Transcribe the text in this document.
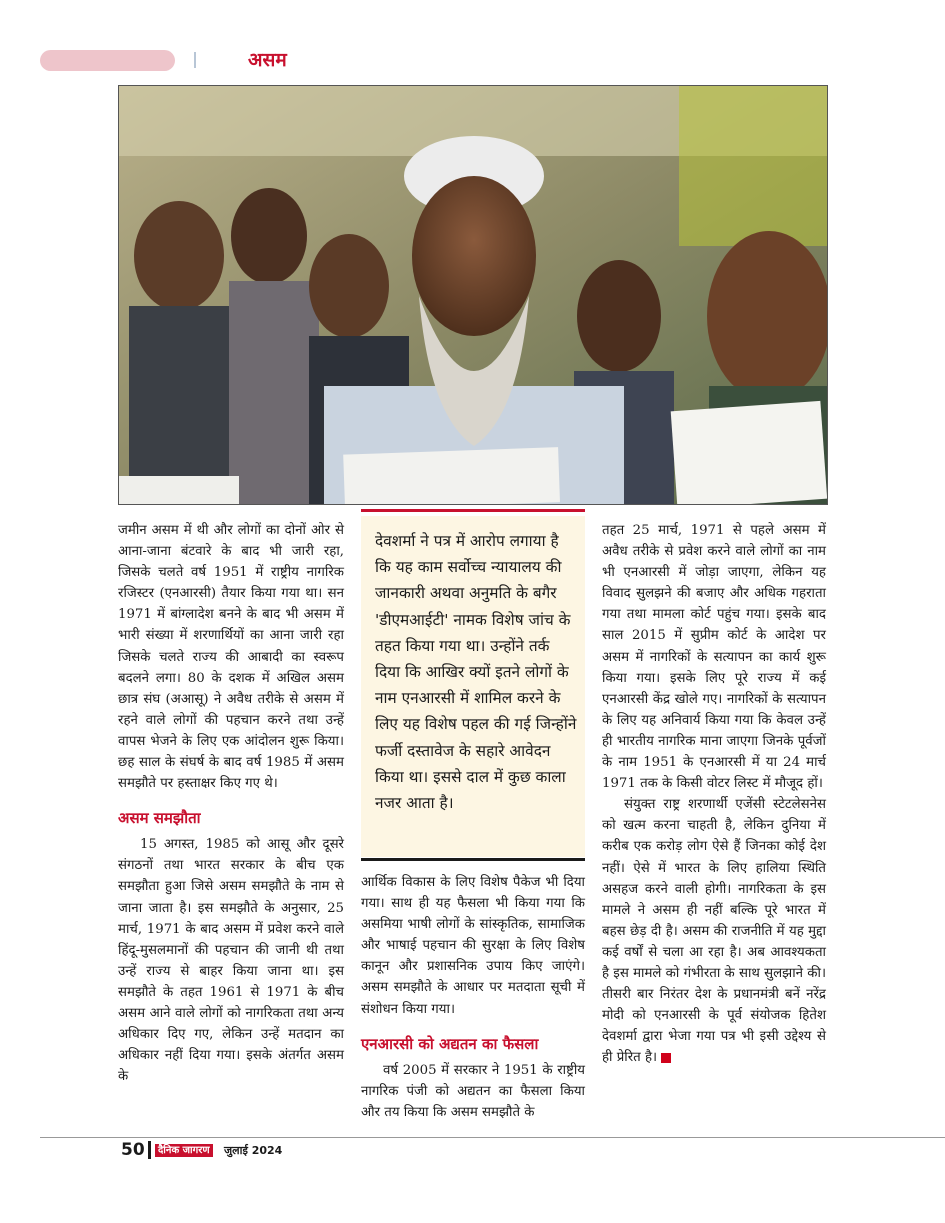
असम

जमीन असम में थी और लोगों का दोनों ओर से आना-जाना बंटवारे के बाद भी जारी रहा, जिसके चलते वर्ष 1951 में राष्ट्रीय नागरिक रजिस्टर (एनआरसी) तैयार किया गया था। सन 1971 में बांग्लादेश बनने के बाद भी असम में भारी संख्या में शरणार्थियों का आना जारी रहा जिसके चलते राज्य की आबादी का स्वरूप बदलने लगा। 80 के दशक में अखिल असम छात्र संघ (अआसू) ने अवैध तरीके से असम में रहने वाले लोगों की पहचान करने तथा उन्हें वापस भेजने के लिए एक आंदोलन शुरू किया। छह साल के संघर्ष के बाद वर्ष 1985 में असम समझौते पर हस्ताक्षर किए गए थे।

असम समझौता

15 अगस्त, 1985 को आसू और दूसरे संगठनों तथा भारत सरकार के बीच एक समझौता हुआ जिसे असम समझौते के नाम से जाना जाता है। इस समझौते के अनुसार, 25 मार्च, 1971 के बाद असम में प्रवेश करने वाले हिंदू-मुसलमानों की पहचान की जानी थी तथा उन्हें राज्य से बाहर किया जाना था। इस समझौते के तहत 1961 से 1971 के बीच असम आने वाले लोगों को नागरिकता तथा अन्य अधिकार दिए गए, लेकिन उन्हें मतदान का अधिकार नहीं दिया गया। इसके अंतर्गत असम के

देवशर्मा ने पत्र में आरोप लगाया है कि यह काम सर्वोच्च न्यायालय की जानकारी अथवा अनुमति के बगैर 'डीएमआईटी' नामक विशेष जांच के तहत किया गया था। उन्होंने तर्क दिया कि आखिर क्यों इतने लोगों के नाम एनआरसी में शामिल करने के लिए यह विशेष पहल की गई जिन्होंने फर्जी दस्तावेज के सहारे आवेदन किया था। इससे दाल में कुछ काला नजर आता है।

आर्थिक विकास के लिए विशेष पैकेज भी दिया गया। साथ ही यह फैसला भी किया गया कि असमिया भाषी लोगों के सांस्कृतिक, सामाजिक और भाषाई पहचान की सुरक्षा के लिए विशेष कानून और प्रशासनिक उपाय किए जाएंगे। असम समझौते के आधार पर मतदाता सूची में संशोधन किया गया।

एनआरसी को अद्यतन का फैसला

वर्ष 2005 में सरकार ने 1951 के राष्ट्रीय नागरिक पंजी को अद्यतन का फैसला किया और तय किया कि असम समझौते के

तहत 25 मार्च, 1971 से पहले असम में अवैध तरीके से प्रवेश करने वाले लोगों का नाम भी एनआरसी में जोड़ा जाएगा, लेकिन यह विवाद सुलझने की बजाए और अधिक गहराता गया तथा मामला कोर्ट पहुंच गया। इसके बाद साल 2015 में सुप्रीम कोर्ट के आदेश पर असम में नागरिकों के सत्यापन का कार्य शुरू किया गया। इसके लिए पूरे राज्य में कई एनआरसी केंद्र खोले गए। नागरिकों के सत्यापन के लिए यह अनिवार्य किया गया कि केवल उन्हें ही भारतीय नागरिक माना जाएगा जिनके पूर्वजों के नाम 1951 के एनआरसी में या 24 मार्च 1971 तक के किसी वोटर लिस्ट में मौजूद हों।

संयुक्त राष्ट्र शरणार्थी एजेंसी स्टेटलेसनेस को खत्म करना चाहती है, लेकिन दुनिया में करीब एक करोड़ लोग ऐसे हैं जिनका कोई देश नहीं। ऐसे में भारत के लिए हालिया स्थिति असहज करने वाली होगी। नागरिकता के इस मामले ने असम ही नहीं बल्कि पूरे भारत में बहस छेड़ दी है। असम की राजनीति में यह मुद्दा कई वर्षों से चला आ रहा है। अब आवश्यकता है इस मामले को गंभीरता के साथ सुलझाने की। तीसरी बार निरंतर देश के प्रधानमंत्री बनें नरेंद्र मोदी को एनआरसी के पूर्व संयोजक हितेश देवशर्मा द्वारा भेजा गया पत्र भी इसी उद्देश्य से ही प्रेरित है।

50	दैनिक जागरण जुलाई 2024
